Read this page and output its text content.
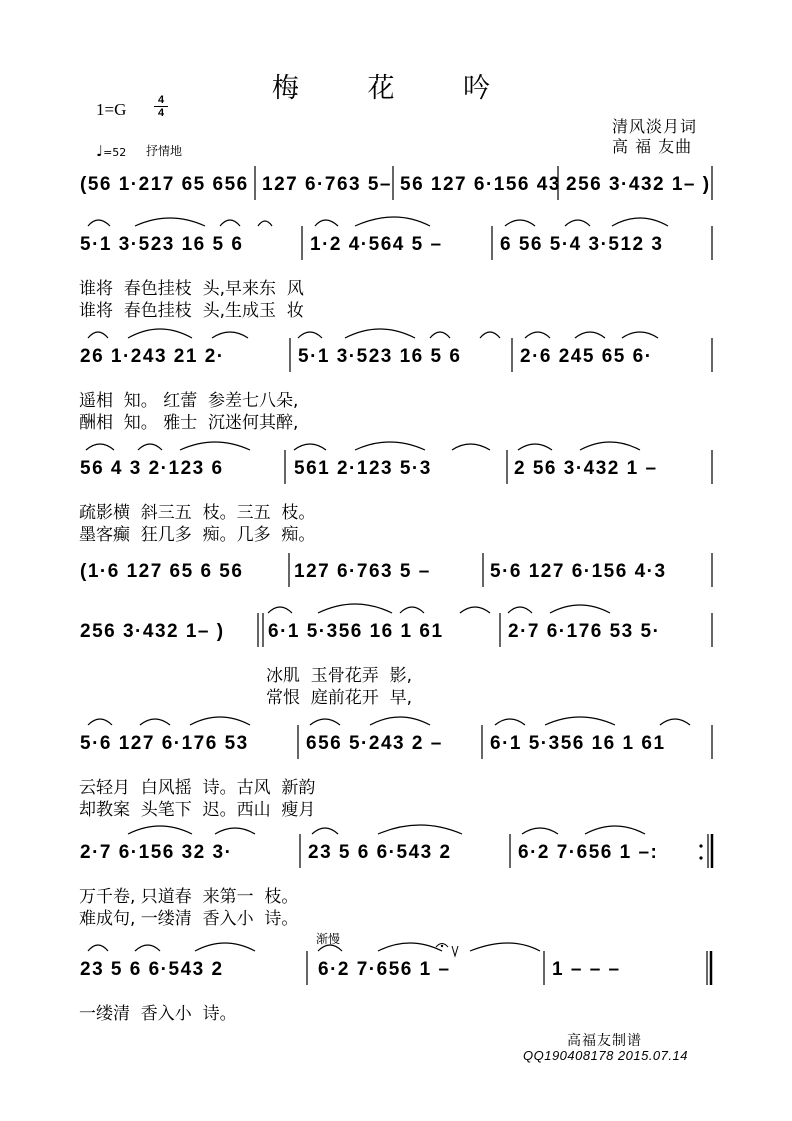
梅 花 吟
1=G	4
4
清风淡月词
高 福 友曲
♩=52 抒情地
(56 1·217 65 656 127 6·763 5– 56 127 6·156 43 256 3·432 1– )
5·1 3·523 16 5 6	1·2 4·564 5 –	6 56 5·4 3·512 3
谁将  春色挂枝  头,早来东  风
谁将  春色挂枝  头,生成玉  妆
26 1·243 21 2·	5·1 3·523 16 5 6	2·6 245 65 6·
遥相  知。 红蕾  参差七八朵,
酬相  知。 雅士  沉迷何其醉,
56 4 3 2·123 6	561 2·123 5·3	2 56 3·432 1 –
疏影横  斜三五  枝。三五  枝。
墨客癫  狂几多  痴。几多  痴。
(1·6 127 65 6 56	127 6·763 5 –	5·6 127 6·156 4·3
256 3·432 1– ) 6·1 5·356 16 1 61	2·7 6·176 53 5·
冰肌  玉骨花弄  影,
常恨  庭前花开  早,
5·6 127 6·176 53	656 5·243 2 – 6·1 5·356 16 1 61
云轻月  白风摇  诗。古风  新韵
却教案  头笔下  迟。西山  瘦月
2·7 6·156 32 3·	23 5 6 6·543 2	6·2 7·656 1 –:
万千卷, 只道春  来第一  枝。
难成句, 一缕清  香入小  诗。
渐慢
23 5 6 6·543 2	6·2 7·656 1 –	1 – – –
一缕清  香入小  诗。
高福友制谱
QQ190408178 2015.07.14
